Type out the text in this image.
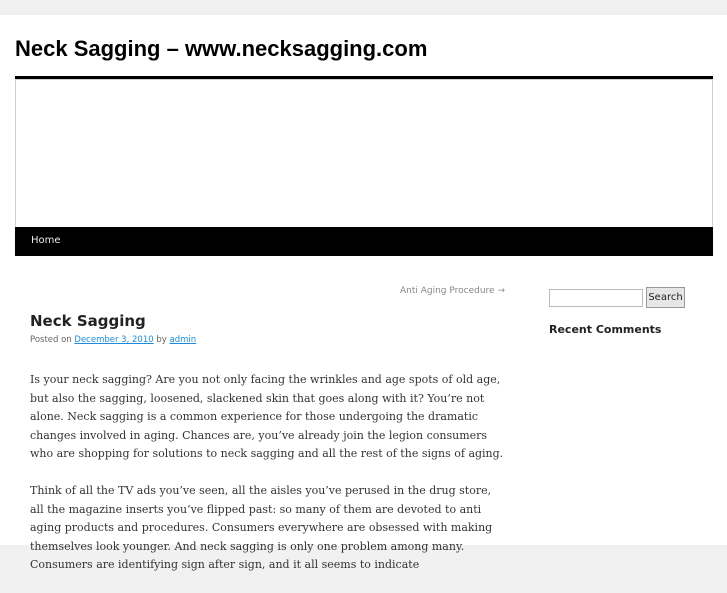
Neck Sagging – www.necksagging.com
Home
Anti Aging Procedure →
Neck Sagging
Posted on December 3, 2010 by admin

Is your neck sagging? Are you not only facing the wrinkles and age spots of old age, but also the sagging, loosened, slackened skin that goes along with it? You’re not alone. Neck sagging is a common experience for those undergoing the dramatic changes involved in aging. Chances are, you’ve already join the legion consumers who are shopping for solutions to neck sagging and all the rest of the signs of aging.

Think of all the TV ads you’ve seen, all the aisles you’ve perused in the drug store, all the magazine inserts you’ve flipped past: so many of them are devoted to anti aging products and procedures. Consumers everywhere are obsessed with making themselves look younger. And neck sagging is only one problem among many. Consumers are identifying sign after sign, and it all seems to indicate

Search
Recent Comments
